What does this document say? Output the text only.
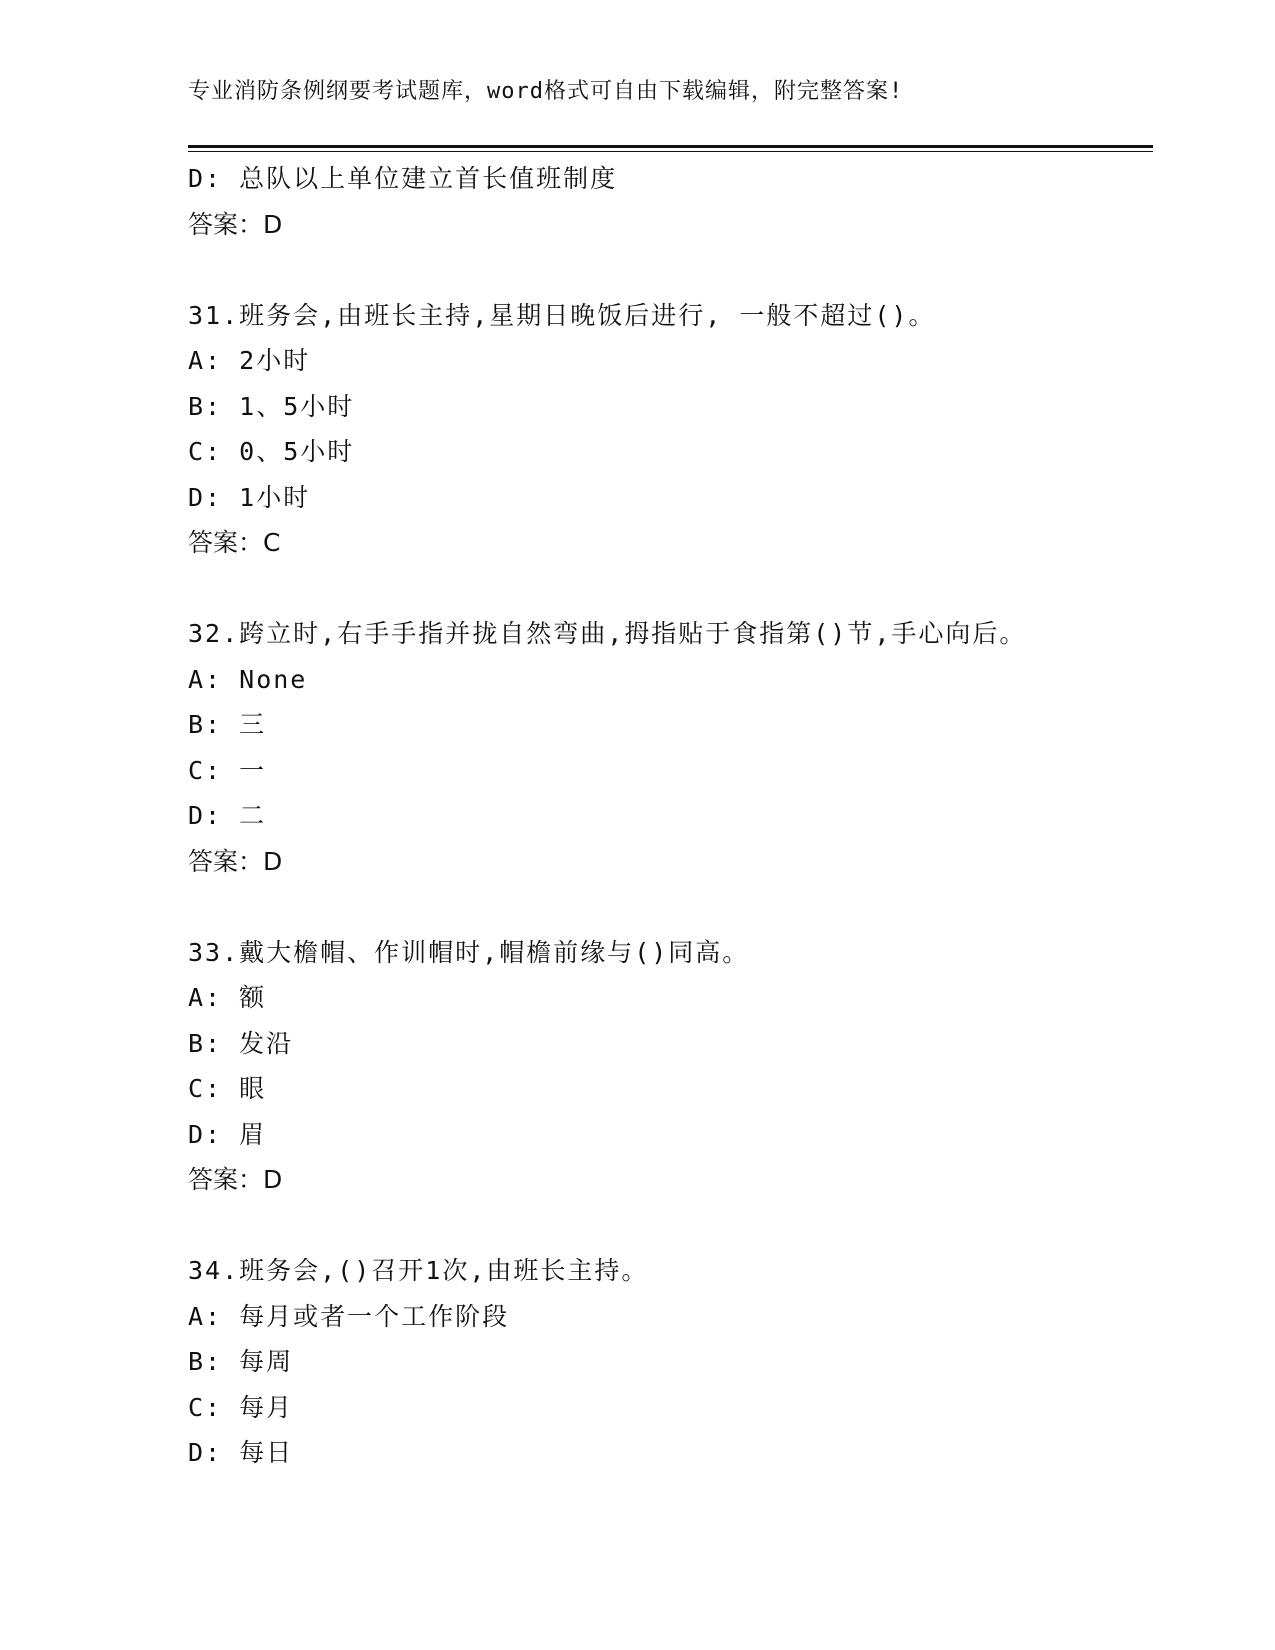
专业消防条例纲要考试题库，word格式可自由下载编辑，附完整答案!
D: 总队以上单位建立首长值班制度
答案：D
31.班务会,由班长主持,星期日晚饭后进行, 一般不超过()。
A: 2小时
B: 1、5小时
C: 0、5小时
D: 1小时
答案：C
32.跨立时,右手手指并拢自然弯曲,拇指贴于食指第()节,手心向后。
A: None
B: 三
C: 一
D: 二
答案：D
33.戴大檐帽、作训帽时,帽檐前缘与()同高。
A: 额
B: 发沿
C: 眼
D: 眉
答案：D
34.班务会,()召开1次,由班长主持。
A: 每月或者一个工作阶段
B: 每周
C: 每月
D: 每日
